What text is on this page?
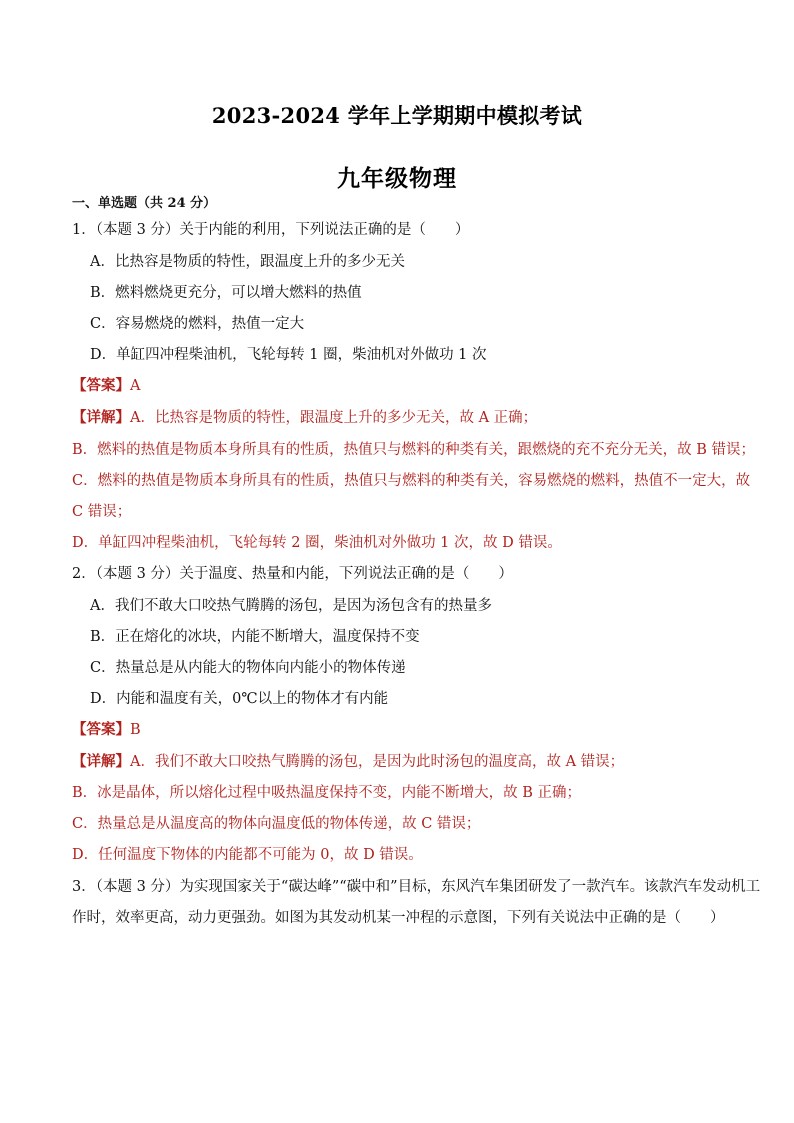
2023-2024 学年上学期期中模拟考试
九年级物理
一、单选题（共 24 分）
1．（本题 3 分）关于内能的利用，下列说法正确的是（　　）
A．比热容是物质的特性，跟温度上升的多少无关
B．燃料燃烧更充分，可以增大燃料的热值
C．容易燃烧的燃料，热值一定大
D．单缸四冲程柴油机，飞轮每转 1 圈，柴油机对外做功 1 次
【答案】A
【详解】A．比热容是物质的特性，跟温度上升的多少无关，故 A 正确；
B．燃料的热值是物质本身所具有的性质，热值只与燃料的种类有关，跟燃烧的充不充分无关，故 B 错误；
C．燃料的热值是物质本身所具有的性质，热值只与燃料的种类有关，容易燃烧的燃料，热值不一定大，故
C 错误；
D．单缸四冲程柴油机，飞轮每转 2 圈，柴油机对外做功 1 次，故 D 错误。
2．（本题 3 分）关于温度、热量和内能，下列说法正确的是（　　）
A．我们不敢大口咬热气腾腾的汤包，是因为汤包含有的热量多
B．正在熔化的冰块，内能不断增大，温度保持不变
C．热量总是从内能大的物体向内能小的物体传递
D．内能和温度有关，0℃以上的物体才有内能
【答案】B
【详解】A．我们不敢大口咬热气腾腾的汤包，是因为此时汤包的温度高，故 A 错误；
B．冰是晶体，所以熔化过程中吸热温度保持不变，内能不断增大，故 B 正确；
C．热量总是从温度高的物体向温度低的物体传递，故 C 错误；
D．任何温度下物体的内能都不可能为 0，故 D 错误。
3．（本题 3 分）为实现国家关于“碳达峰”“碳中和”目标，东风汽车集团研发了一款汽车。该款汽车发动机工
作时，效率更高，动力更强劲。如图为其发动机某一冲程的示意图，下列有关说法中正确的是（　　）
